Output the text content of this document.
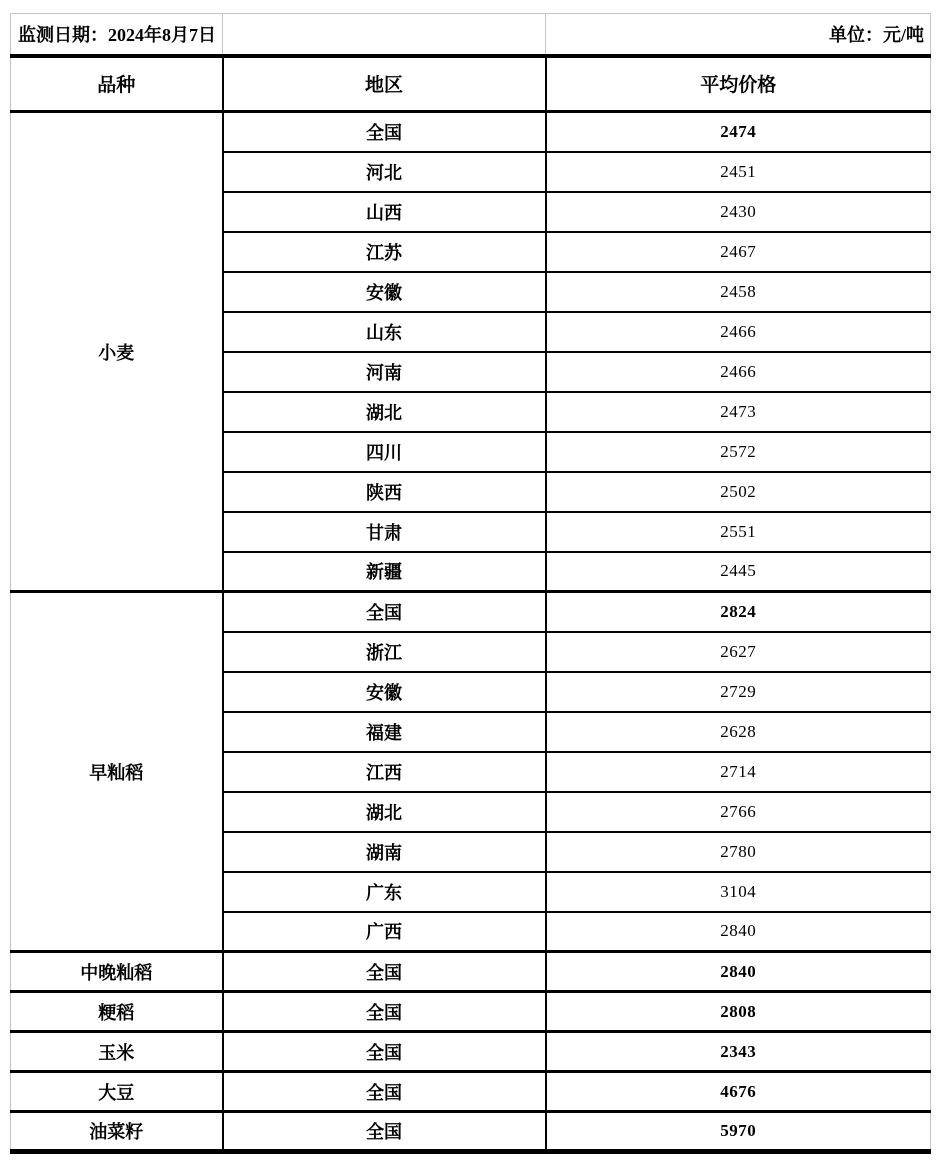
监测日期：2024年8月7日		单位：元/吨
品种	地区	平均价格
小麦	全国	2474
	河北	2451
	山西	2430
	江苏	2467
	安徽	2458
	山东	2466
	河南	2466
	湖北	2473
	四川	2572
	陕西	2502
	甘肃	2551
	新疆	2445
早籼稻	全国	2824
	浙江	2627
	安徽	2729
	福建	2628
	江西	2714
	湖北	2766
	湖南	2780
	广东	3104
	广西	2840
中晚籼稻	全国	2840
粳稻	全国	2808
玉米	全国	2343
大豆	全国	4676
油菜籽	全国	5970
